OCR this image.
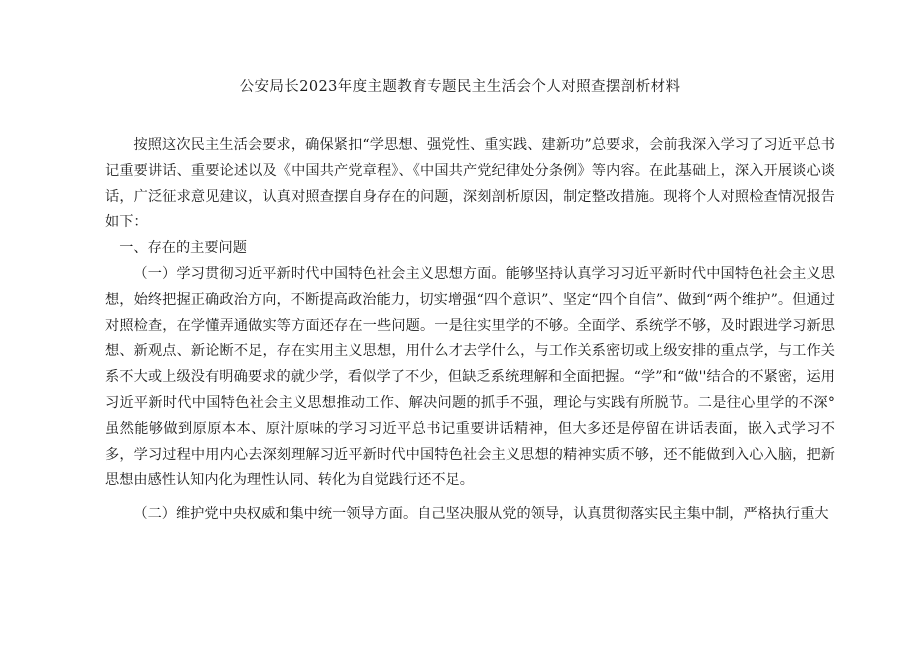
公安局长2023年度主题教育专题民主生活会个人对照查摆剖析材料

按照这次民主生活会要求，确保紧扣“学思想、强党性、重实践、建新功”总要求，会前我深入学习了习近平总书记重要讲话、重要论述以及《中国共产党章程》、《中国共产党纪律处分条例》等内容。在此基础上，深入开展谈心谈话，广泛征求意见建议，认真对照查摆自身存在的问题，深刻剖析原因，制定整改措施。现将个人对照检查情况报告如下：

一、存在的主要问题

（一）学习贯彻习近平新时代中国特色社会主义思想方面。能够坚持认真学习习近平新时代中国特色社会主义思想，始终把握正确政治方向，不断提高政治能力，切实增强“四个意识”、坚定“四个自信”、做到“两个维护”。但通过对照检查，在学懂弄通做实等方面还存在一些问题。一是往实里学的不够。全面学、系统学不够，及时跟进学习新思想、新观点、新论断不足，存在实用主义思想，用什么才去学什么，与工作关系密切或上级安排的重点学，与工作关系不大或上级没有明确要求的就少学，看似学了不少，但缺乏系统理解和全面把握。“学”和“做''结合的不紧密，运用习近平新时代中国特色社会主义思想推动工作、解决问题的抓手不强，理论与实践有所脱节。二是往心里学的不深°虽然能够做到原原本本、原汁原味的学习习近平总书记重要讲话精神，但大多还是停留在讲话表面，嵌入式学习不多，学习过程中用内心去深刻理解习近平新时代中国特色社会主义思想的精神实质不够，还不能做到入心入脑，把新思想由感性认知内化为理性认同、转化为自觉践行还不足。

（二）维护党中央权威和集中统一领导方面。自己坚决服从党的领导，认真贯彻落实民主集中制，严格执行重大
